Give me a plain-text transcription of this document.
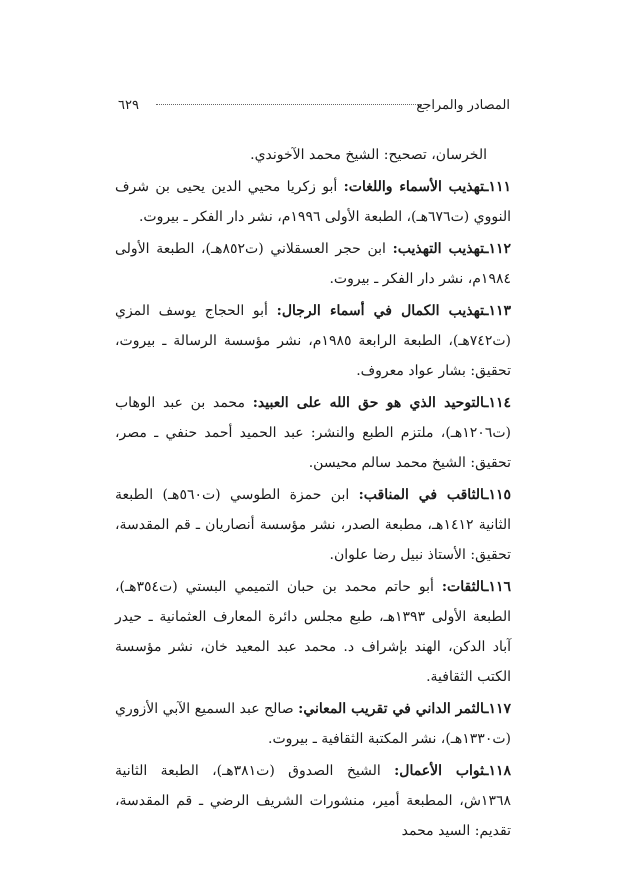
المصادر والمراجع
٦٢٩

الخرسان، تصحيح: الشيخ محمد الآخوندي.

١١١ـتهذيب الأسماء واللغات: أبو زكريا محيي الدين يحيى بن شرف النووي (ت٦٧٦هـ)، الطبعة الأولى ١٩٩٦م، نشر دار الفكر ـ بيروت.

١١٢ـتهذيب التهذيب: ابن حجر العسقلاني (ت٨٥٢هـ)، الطبعة الأولى ١٩٨٤م، نشر دار الفكر ـ بيروت.

١١٣ـتهذيب الكمال في أسماء الرجال: أبو الحجاج يوسف المزي (ت٧٤٢هـ)، الطبعة الرابعة ١٩٨٥م، نشر مؤسسة الرسالة ـ بيروت، تحقيق: بشار عواد معروف.

١١٤ـالتوحيد الذي هو حق الله على العبيد: محمد بن عبد الوهاب (ت١٢٠٦هـ)، ملتزم الطبع والنشر: عبد الحميد أحمد حنفي ـ مصر، تحقيق: الشيخ محمد سالم محيسن.

١١٥ـالثاقب في المناقب: ابن حمزة الطوسي (ت٥٦٠هـ) الطبعة الثانية ١٤١٢هـ، مطبعة الصدر، نشر مؤسسة أنصاريان ـ قم المقدسة، تحقيق: الأستاذ نبيل رضا علوان.

١١٦ـالثقات: أبو حاتم محمد بن حبان التميمي البستي (ت٣٥٤هـ)، الطبعة الأولى ١٣٩٣هـ، طبع مجلس دائرة المعارف العثمانية ـ حيدر آباد الدكن، الهند بإشراف د. محمد عبد المعيد خان، نشر مؤسسة الكتب الثقافية.

١١٧ـالثمر الداني في تقريب المعاني: صالح عبد السميع الآبي الأزوري (ت١٣٣٠هـ)، نشر المكتبة الثقافية ـ بيروت.

١١٨ـثواب الأعمال: الشيخ الصدوق (ت٣٨١هـ)، الطبعة الثانية ١٣٦٨ش، المطبعة أمير، منشورات الشريف الرضي ـ قم المقدسة، تقديم: السيد محمد
